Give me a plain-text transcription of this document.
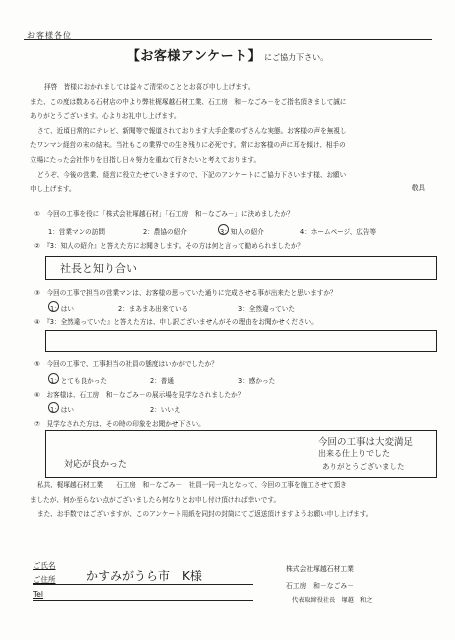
お客様各位
【お客様アンケート】 にご協力下さい。

拝啓　皆様におかれましては益々ご清栄のこととお喜び申し上げます。

また、この度は数ある石材店の中より弊社梶塚越石材工業、石工房　和－なごみ－をご指名頂きまして誠に

ありがとうございます。心よりお礼申し上げます。

さて、近頃日常的にテレビ、新聞等で報道されております大手企業のずさんな実態。お客様の声を無視し

たワンマン経営の末の結末。当社もこの業界での生き残りに必死です。常にお客様の声に耳を傾け、相手の

立場にたった会社作りを目指し日々努力を重ねて行きたいと考えております。

どうぞ、今後の営業、経営に役立たせていきますので、下記のアンケートにご協力下さいます様、お願い

申し上げます。	敬具
①　今回の工事を役に「株式会社塚越石材」「石工房　和－なごみ－」に決めましたか？
1：営業マンの訪問	2：農協の紹介	3：知人の紹介	4：ホームページ、広告等
②　『3：知人の紹介』と答えた方にお聞きします。その方は何と言って勧められましたか？
社長と知り合い
③　今回の工事で担当の営業マンは、お客様の思っていた通りに完成させる事が出来たと思いますか？
1：はい	2：まあまあ出来ている	3：全然違っていた
④　『3：全然違っていた』と答えた方は、申し訳ございませんがその理由をお聞かせください。
⑤　今回の工事で、工事担当の社員の態度はいかがでしたか？
1：とても良かった	2：普通	3：感かった
⑥　お客様は、石工房　和－なごみ－の展示場を見学なされましたか？
1：はい	2：いいえ
⑦　見学なされた方は、その時の印象をお聞かせ下さい。
対応が良かった
今回の工事は大変満足
出来る仕上りでした
ありがとうございました

私共、梶塚越石材工業　　石工房　和－なごみ－　社員一同一丸となって、今回の工事を施工させて頂き

ましたが、何か至らない点がございましたら何なりとお申し付け頂ければ幸いです。

また、お手数ではございますが、このアンケート用紙を同封の封筒にてご返送頂けますようお願い申し上げます。

ご氏名
ご住所
Tel
かすみがうら市　K様	株式会社塚越石材工業
石工房　和－なごみ－
代表取締役社長　塚越　和之
